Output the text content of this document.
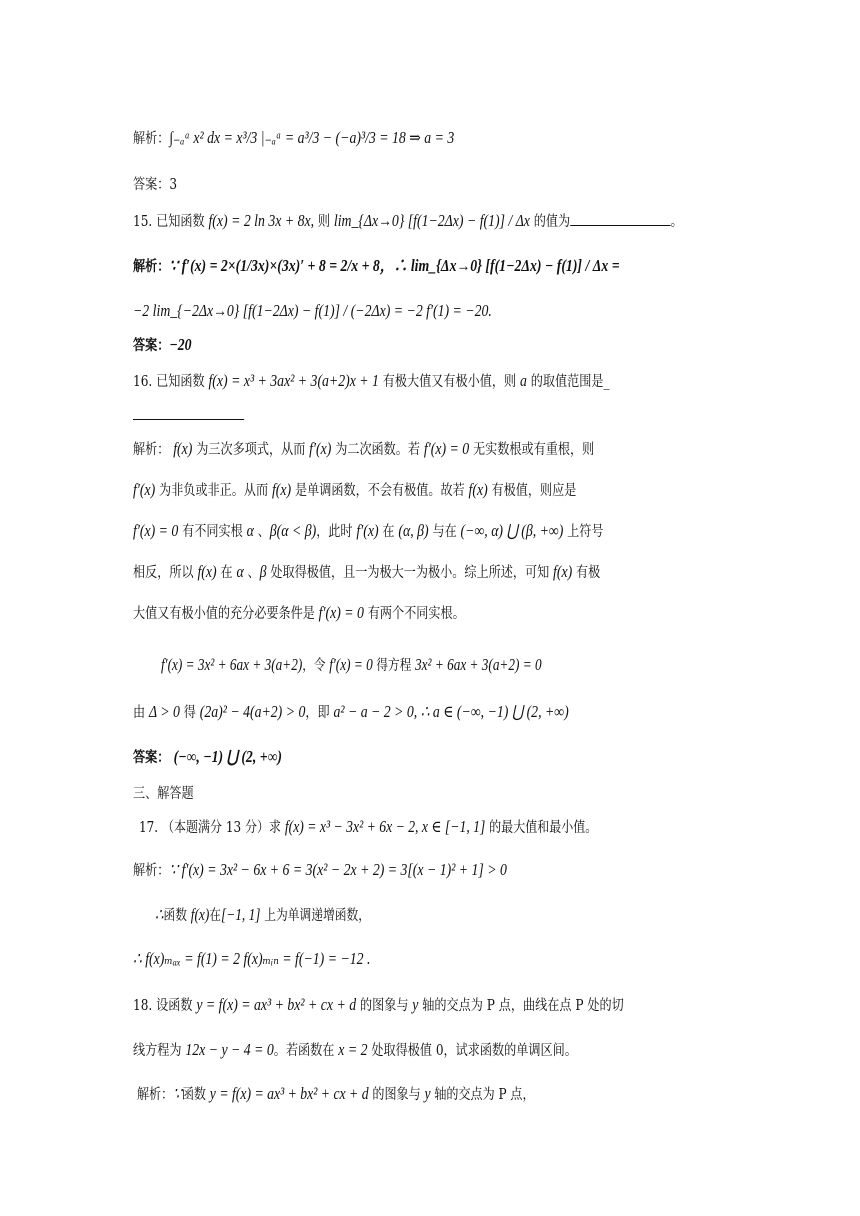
解析：∫₋ₐᵃ x² dx = x³/3 |₋ₐᵃ = a³/3 − (−a)³/3 = 18 ⇒ a = 3
答案：3
15. 已知函数 f(x) = 2 ln 3x + 8x, 则 lim_{Δx→0} [f(1−2Δx) − f(1)] / Δx 的值为	。
解析：∵ f′(x) = 2×(1/3x)×(3x)′ + 8 = 2/x + 8，∴ lim_{Δx→0} [f(1−2Δx) − f(1)] / Δx =
−2 lim_{−2Δx→0} [f(1−2Δx) − f(1)] / (−2Δx) = −2 f′(1) = −20.
答案：−20
16. 已知函数 f(x) = x³ + 3ax² + 3(a+2)x + 1 有极大值又有极小值，则 a 的取值范围是_
解析： f(x) 为三次多项式，从而 f′(x) 为二次函数。若 f′(x) = 0 无实数根或有重根，则
f′(x) 为非负或非正。从而 f(x) 是单调函数，不会有极值。故若 f(x) 有极值，则应是
f′(x) = 0 有不同实根 α 、β(α < β)，此时 f′(x) 在 (α, β) 与在 (−∞, α) ⋃ (β, +∞) 上符号
相反，所以 f(x) 在 α 、β 处取得极值，且一为极大一为极小。综上所述，可知 f(x) 有极
大值又有极小值的充分必要条件是 f′(x) = 0 有两个不同实根。
f′(x) = 3x² + 6ax + 3(a+2)，令 f′(x) = 0 得方程 3x² + 6ax + 3(a+2) = 0
由 Δ > 0 得 (2a)² − 4(a+2) > 0，即 a² − a − 2 > 0, ∴ a ∈ (−∞, −1) ⋃ (2, +∞)
答案： (−∞, −1) ⋃ (2, +∞)
三、解答题
17. （本题满分 13 分）求 f(x) = x³ − 3x² + 6x − 2, x ∈ [−1, 1] 的最大值和最小值。
解析：∵ f′(x) = 3x² − 6x + 6 = 3(x² − 2x + 2) = 3[(x − 1)² + 1] > 0
∴函数 f(x)在[−1, 1] 上为单调递增函数，
∴ f(x)ₘₐₓ = f(1) = 2 f(x)ₘᵢₙ = f(−1) = −12 .
18. 设函数 y = f(x) = ax³ + bx² + cx + d 的图象与 y 轴的交点为 P 点，曲线在点 P 处的切
线方程为 12x − y − 4 = 0。若函数在 x = 2 处取得极值 0，试求函数的单调区间。
解析：∵函数 y = f(x) = ax³ + bx² + cx + d 的图象与 y 轴的交点为 P 点，
